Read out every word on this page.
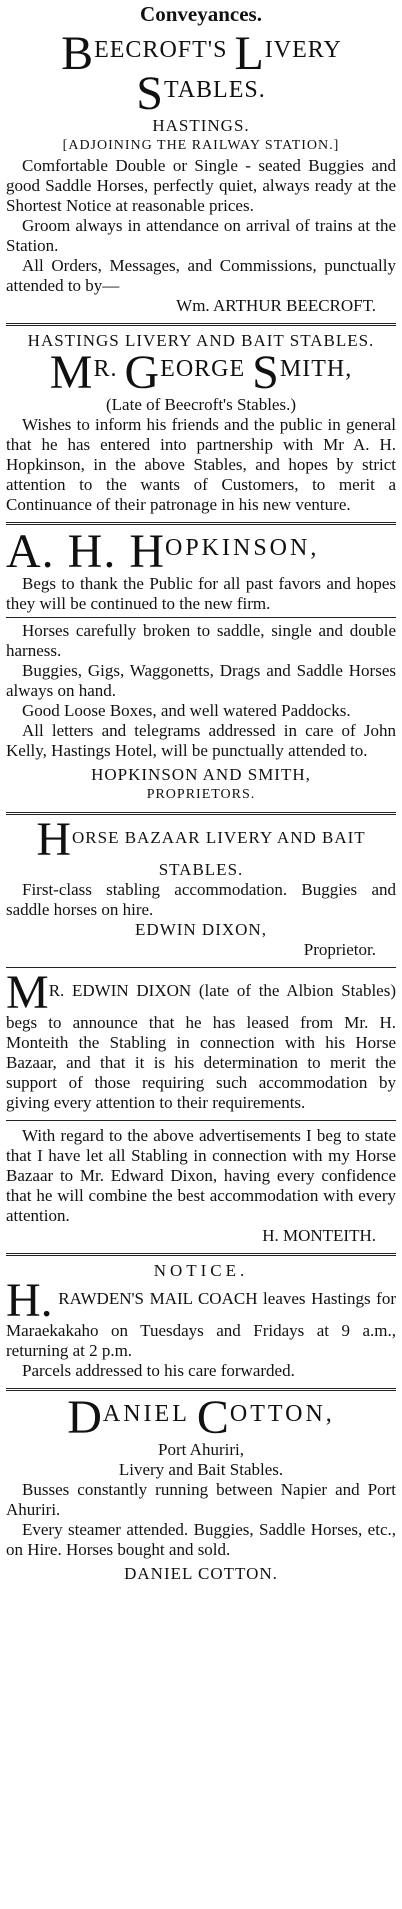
Conveyances.
BEECROFT'S LIVERY STABLES.
HASTINGS.
[ADJOINING THE RAILWAY STATION.]

Comfortable Double or Single - seated Buggies and good Saddle Horses, perfectly quiet, always ready at the Shortest Notice at reasonable prices.

Groom always in attendance on arrival of trains at the Station.

All Orders, Messages, and Commissions, punctually attended to by—

Wm. ARTHUR BEECROFT.
HASTINGS LIVERY AND BAIT STABLES.
MR. GEORGE SMITH,
(Late of Beecroft's Stables.)

Wishes to inform his friends and the public in general that he has entered into partnership with Mr A. H. Hopkinson, in the above Stables, and hopes by strict attention to the wants of Customers, to merit a Continuance of their patronage in his new venture.

A. H. HOPKINSON,

Begs to thank the Public for all past favors and hopes they will be continued to the new firm.

Horses carefully broken to saddle, single and double harness.

Buggies, Gigs, Waggonetts, Drags and Saddle Horses always on hand.

Good Loose Boxes, and well watered Paddocks.

All letters and telegrams addressed in care of John Kelly, Hastings Hotel, will be punctually attended to.

HOPKINSON AND SMITH,
PROPRIETORS.
HORSE BAZAAR LIVERY AND BAIT STABLES.

First-class stabling accommodation. Buggies and saddle horses on hire.

EDWIN DIXON,
Proprietor.

MR. EDWIN DIXON (late of the Albion Stables) begs to announce that he has leased from Mr. H. Monteith the Stabling in connection with his Horse Bazaar, and that it is his determination to merit the support of those requiring such accommodation by giving every attention to their requirements.

With regard to the above advertisements I beg to state that I have let all Stabling in connection with my Horse Bazaar to Mr. Edward Dixon, having every confidence that he will combine the best accommodation with every attention.

H. MONTEITH.
NOTICE.

H. RAWDEN'S MAIL COACH leaves Hastings for Maraekakaho on Tuesdays and Fridays at 9 a.m., returning at 2 p.m.

Parcels addressed to his care forwarded.

DANIEL COTTON,
Port Ahuriri,
Livery and Bait Stables.

Busses constantly running between Napier and Port Ahuriri.

Every steamer attended. Buggies, Saddle Horses, etc., on Hire. Horses bought and sold.

DANIEL COTTON.
